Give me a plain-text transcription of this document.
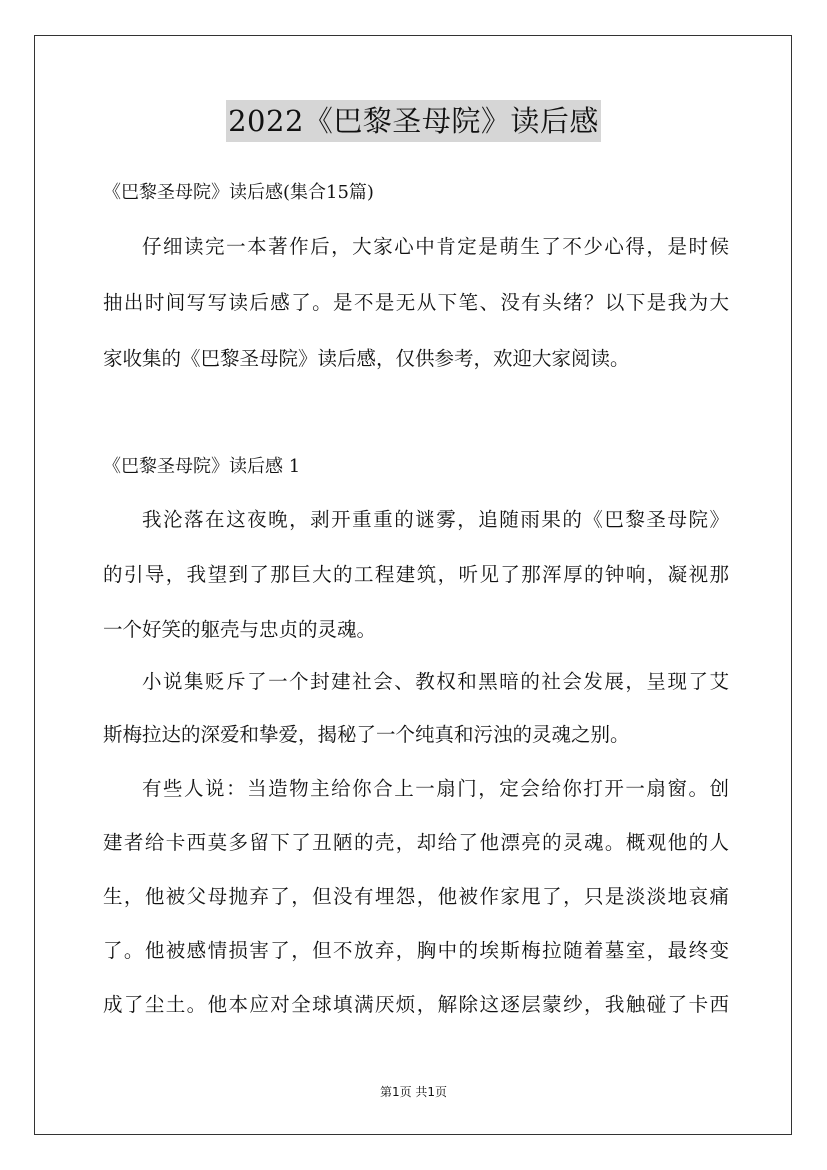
2022《巴黎圣母院》读后感

《巴黎圣母院》读后感(集合15篇)

仔细读完一本著作后，大家心中肯定是萌生了不少心得，是时候

抽出时间写写读后感了。是不是无从下笔、没有头绪？以下是我为大

家收集的《巴黎圣母院》读后感，仅供参考，欢迎大家阅读。

《巴黎圣母院》读后感 1

我沦落在这夜晚，剥开重重的谜雾，追随雨果的《巴黎圣母院》

的引导，我望到了那巨大的工程建筑，听见了那浑厚的钟响，凝视那

一个好笑的躯壳与忠贞的灵魂。

小说集贬斥了一个封建社会、教权和黑暗的社会发展，呈现了艾

斯梅拉达的深爱和挚爱，揭秘了一个纯真和污浊的灵魂之别。

有些人说：当造物主给你合上一扇门，定会给你打开一扇窗。创

建者给卡西莫多留下了丑陋的壳，却给了他漂亮的灵魂。概观他的人

生，他被父母抛弃了，但没有埋怨，他被作家甩了，只是淡淡地哀痛

了。他被感情损害了，但不放弃，胸中的埃斯梅拉随着墓室，最终变

成了尘土。他本应对全球填满厌烦，解除这逐层蒙纱，我触碰了卡西

第1页 共1页
